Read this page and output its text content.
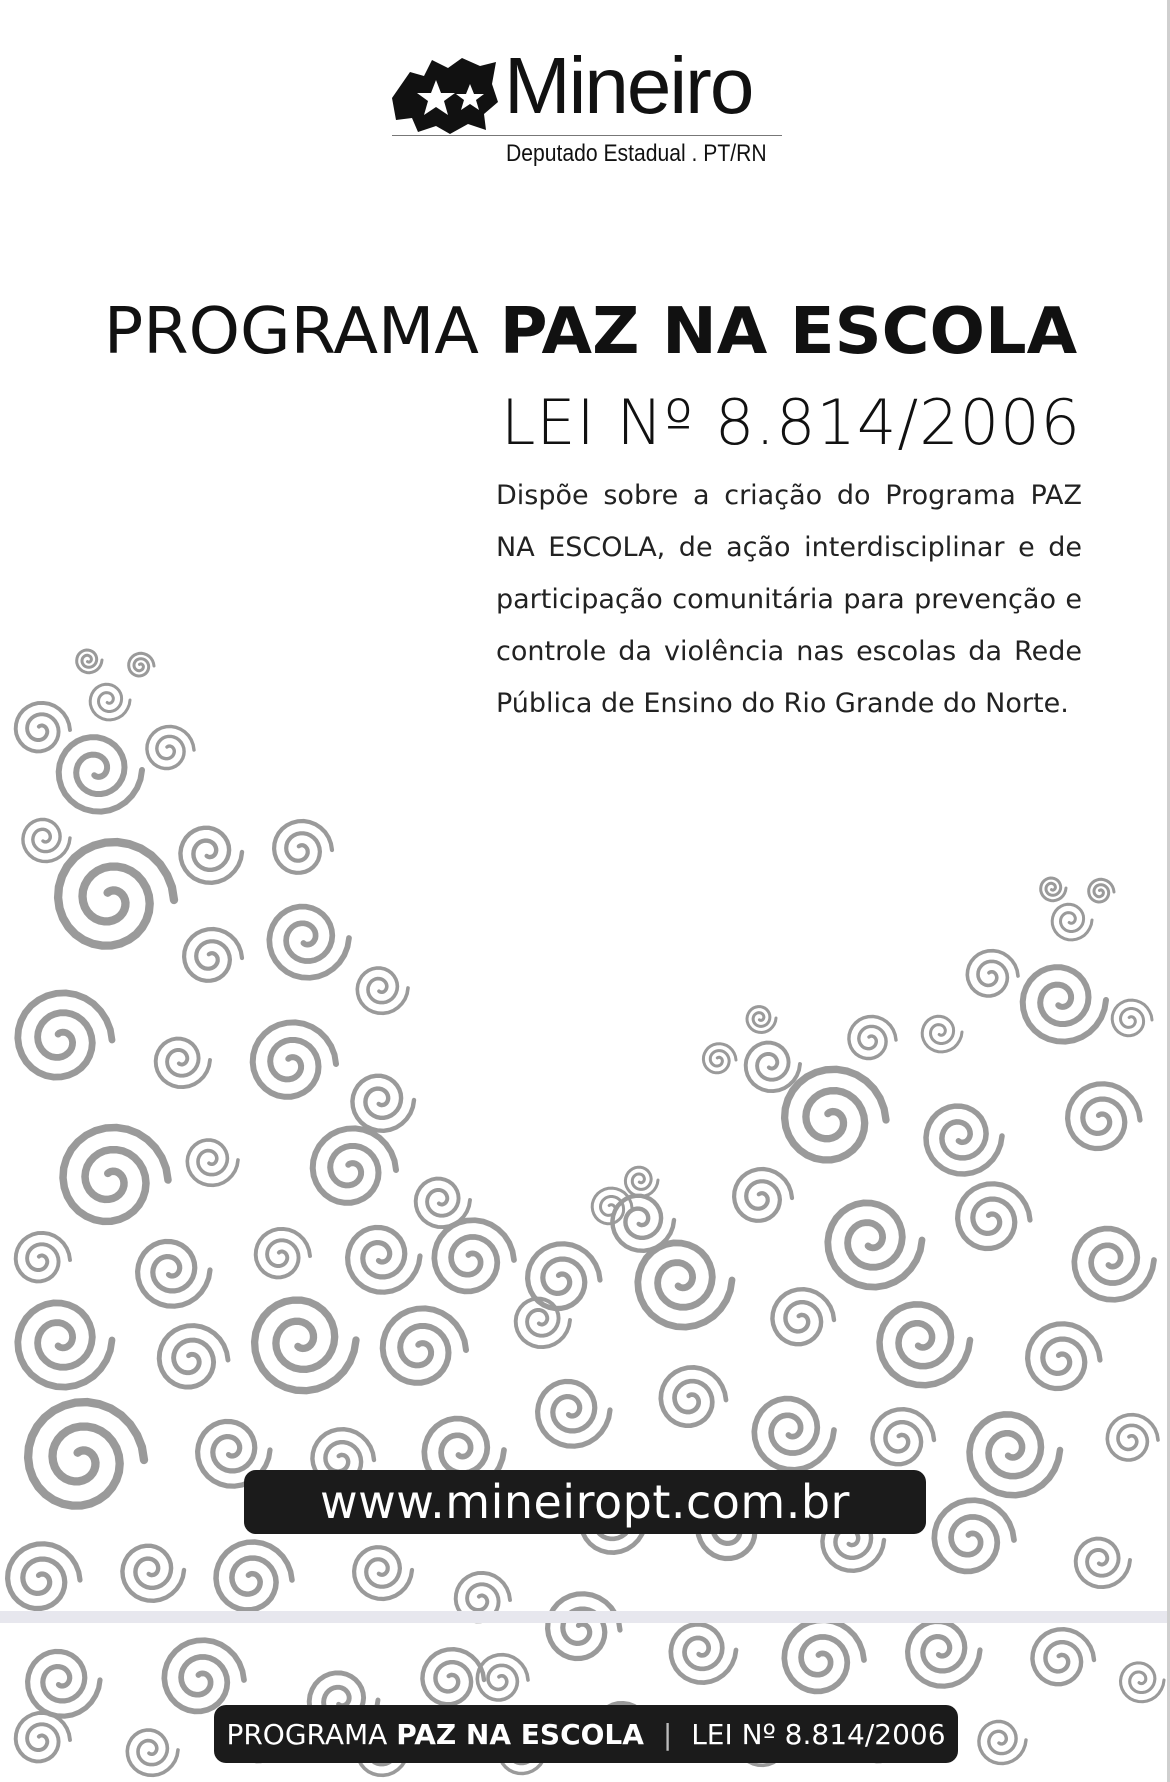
Mineiro
Deputado Estadual . PT/RN
PROGRAMA PAZ NA ESCOLA
LEI Nº 8.814/2006
Dispõe sobre a criação do Programa PAZ NA ESCOLA, de ação interdisciplinar e de participação comunitária para prevenção e controle da violência nas escolas da Rede Pública de Ensino do Rio Grande do Norte.
www.mineiropt.com.br
PROGRAMA PAZ NA ESCOLA | LEI Nº 8.814/2006
